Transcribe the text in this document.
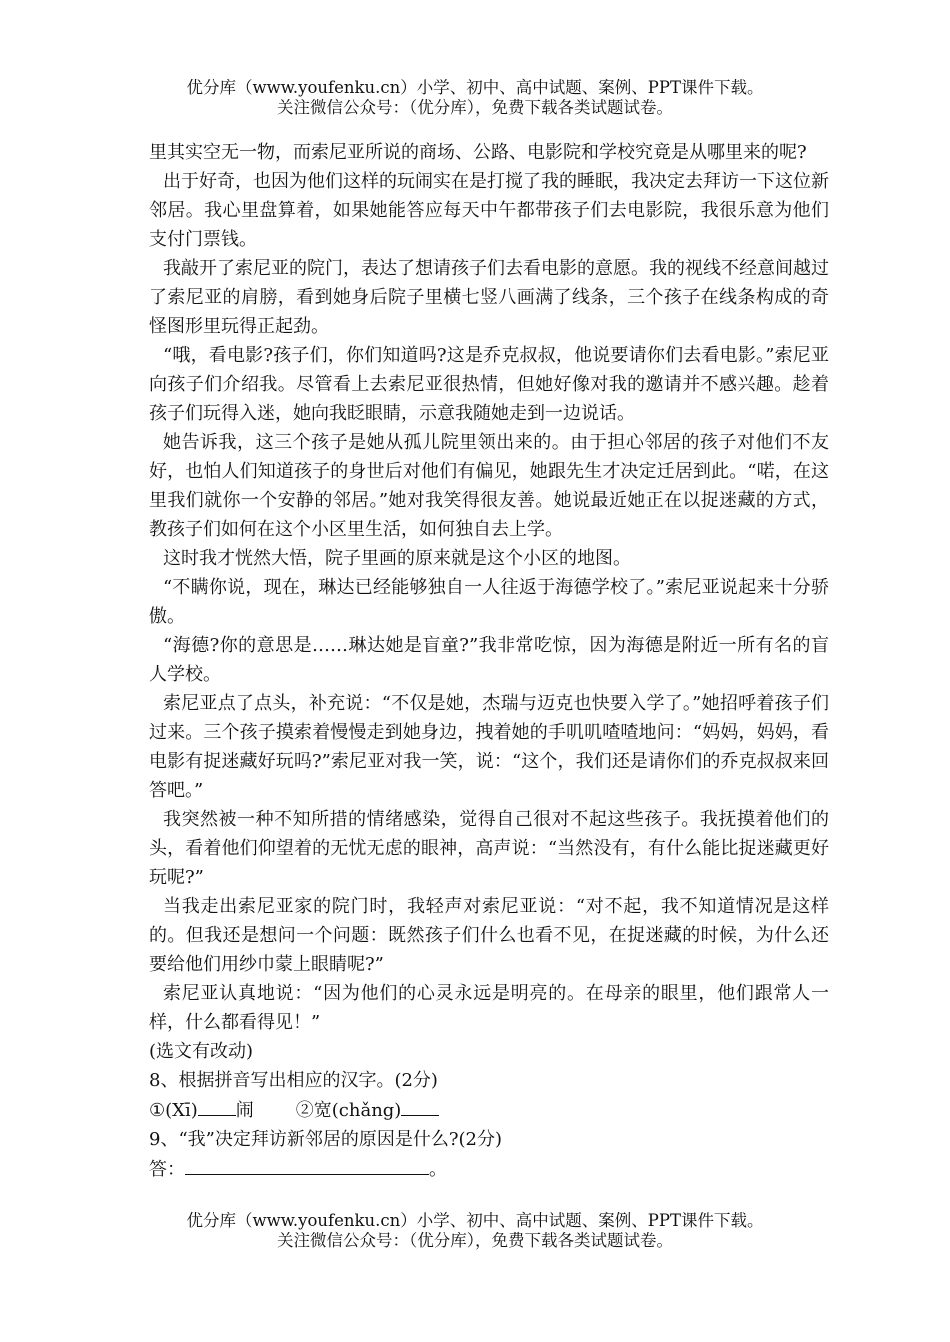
优分库（www.youfenku.cn）小学、初中、高中试题、案例、PPT课件下载。
关注微信公众号：（优分库），免费下载各类试题试卷。

里其实空无一物，而索尼亚所说的商场、公路、电影院和学校究竟是从哪里来的呢?

出于好奇，也因为他们这样的玩闹实在是打搅了我的睡眠，我决定去拜访一下这位新邻居。我心里盘算着，如果她能答应每天中午都带孩子们去电影院，我很乐意为他们支付门票钱。

我敲开了索尼亚的院门，表达了想请孩子们去看电影的意愿。我的视线不经意间越过了索尼亚的肩膀，看到她身后院子里横七竖八画满了线条，三个孩子在线条构成的奇怪图形里玩得正起劲。

“哦，看电影?孩子们，你们知道吗?这是乔克叔叔，他说要请你们去看电影。”索尼亚向孩子们介绍我。尽管看上去索尼亚很热情，但她好像对我的邀请并不感兴趣。趁着孩子们玩得入迷，她向我眨眼睛，示意我随她走到一边说话。

她告诉我，这三个孩子是她从孤儿院里领出来的。由于担心邻居的孩子对他们不友好，也怕人们知道孩子的身世后对他们有偏见，她跟先生才决定迁居到此。“喏，在这里我们就你一个安静的邻居。”她对我笑得很友善。她说最近她正在以捉迷藏的方式，教孩子们如何在这个小区里生活，如何独自去上学。

这时我才恍然大悟，院子里画的原来就是这个小区的地图。

“不瞒你说，现在，琳达已经能够独自一人往返于海德学校了。”索尼亚说起来十分骄傲。

“海德?你的意思是……琳达她是盲童?”我非常吃惊，因为海德是附近一所有名的盲人学校。

索尼亚点了点头，补充说：“不仅是她，杰瑞与迈克也快要入学了。”她招呼着孩子们过来。三个孩子摸索着慢慢走到她身边，拽着她的手叽叽喳喳地问：“妈妈，妈妈，看电影有捉迷藏好玩吗?”索尼亚对我一笑，说：“这个，我们还是请你们的乔克叔叔来回答吧。”

我突然被一种不知所措的情绪感染，觉得自己很对不起这些孩子。我抚摸着他们的头，看着他们仰望着的无忧无虑的眼神，高声说：“当然没有，有什么能比捉迷藏更好玩呢?”

当我走出索尼亚家的院门时，我轻声对索尼亚说：“对不起，我不知道情况是这样的。但我还是想问一个问题：既然孩子们什么也看不见，在捉迷藏的时候，为什么还要给他们用纱巾蒙上眼睛呢?”

索尼亚认真地说：“因为他们的心灵永远是明亮的。在母亲的眼里，他们跟常人一样，什么都看得见！”

(选文有改动)

8、根据拼音写出相应的汉字。(2分)

①(Xī) 闹 ②宽(chǎng)

9、“我”决定拜访新邻居的原因是什么?(2分)

答：	。

优分库（www.youfenku.cn）小学、初中、高中试题、案例、PPT课件下载。
关注微信公众号：（优分库），免费下载各类试题试卷。
